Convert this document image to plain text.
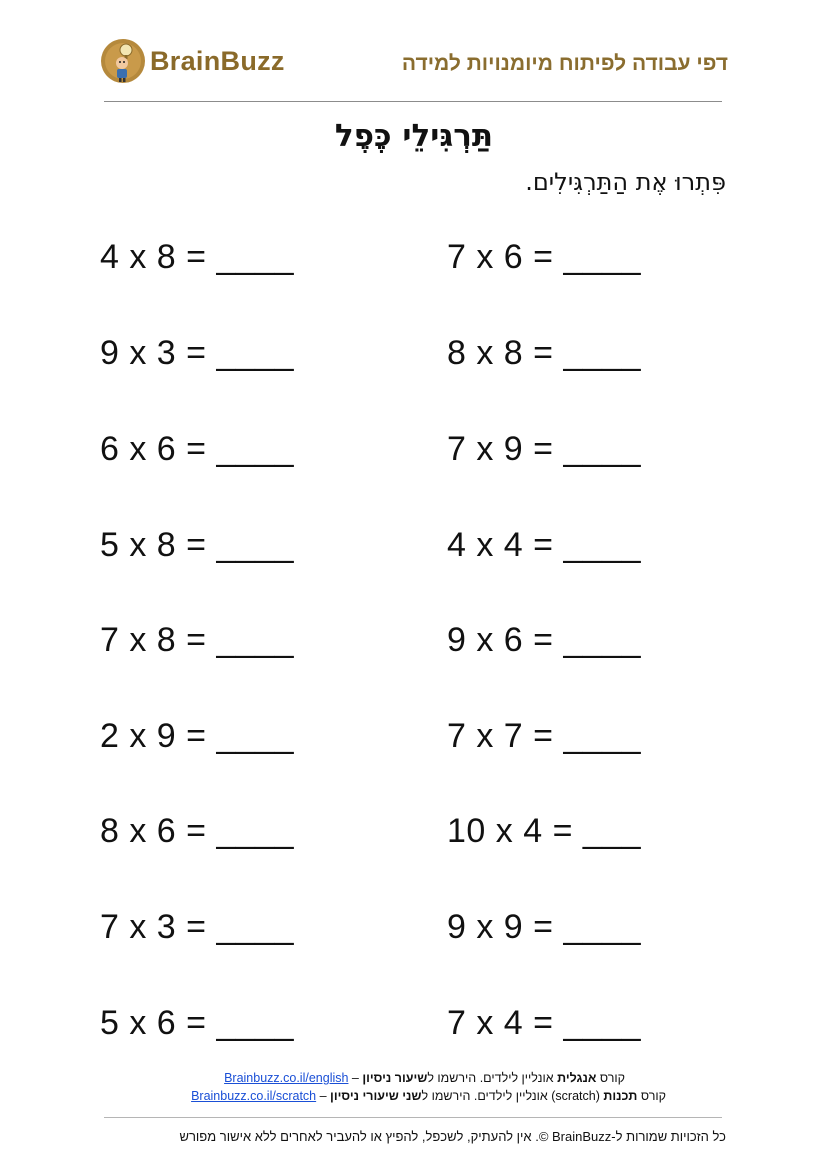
BrainBuzz	דפי עבודה לפיתוח מיומנויות למידה
תַּרְגִּילֵי כֶּפֶל
פִּתְרוּ אֶת הַתַּרְגִּילִים.
4 x 8 = ____	7 x 6 = ____
9 x 3 = ____	8 x 8 = ____
6 x 6 = ____	7 x 9 = ____
5 x 8 = ____	4 x 4 = ____
7 x 8 = ____	9 x 6 = ____
2 x 9 = ____	7 x 7 = ____
8 x 6 = ____	10 x 4 = ___
7 x 3 = ____	9 x 9 = ____
5 x 6 = ____	7 x 4 = ____
קורס אנגלית אונליין לילדים. הירשמו לשיעור ניסיון – Brainbuzz.co.il/english
קורס תכנות (scratch) אונליין לילדים. הירשמו לשני שיעורי ניסיון – Brainbuzz.co.il/scratch
כל הזכויות שמורות ל-BrainBuzz ©. אין להעתיק, לשכפל, להפיץ או להעביר לאחרים ללא אישור מפורש
